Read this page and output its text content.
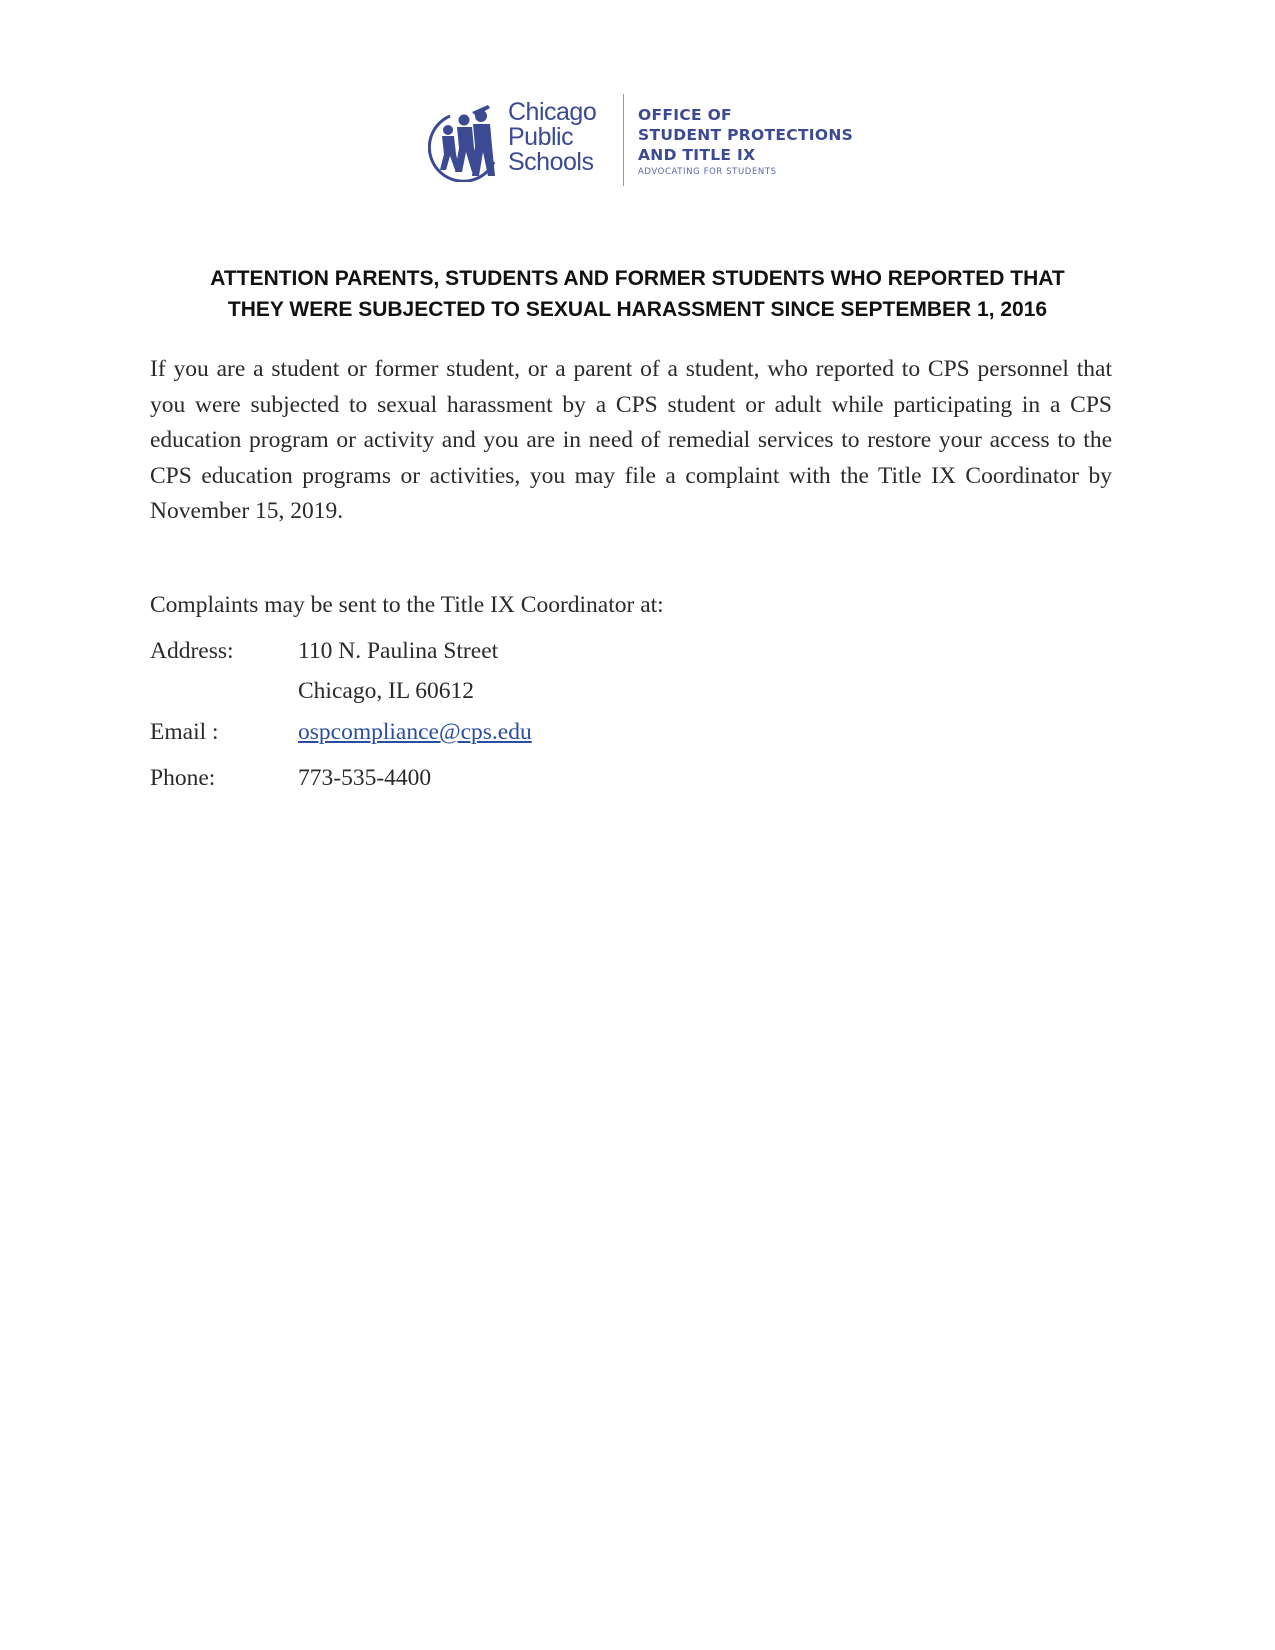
Chicago
Public
Schools
OFFICE OF
STUDENT PROTECTIONS
AND TITLE IX
ADVOCATING FOR STUDENTS
ATTENTION PARENTS, STUDENTS AND FORMER STUDENTS WHO REPORTED THAT
THEY WERE SUBJECTED TO SEXUAL HARASSMENT SINCE SEPTEMBER 1, 2016
If you are a student or former student, or a parent of a student, who reported to CPS personnel that you were subjected to sexual harassment by a CPS student or adult while participating in a CPS education program or activity and you are in need of remedial services to restore your access to the CPS education programs or activities, you may file a complaint with the Title IX Coordinator by November 15, 2019.
Complaints may be sent to the Title IX Coordinator at:
Address:	110 N. Paulina Street
Chicago, IL 60612
Email :	ospcompliance@cps.edu
Phone:	773-535-4400
